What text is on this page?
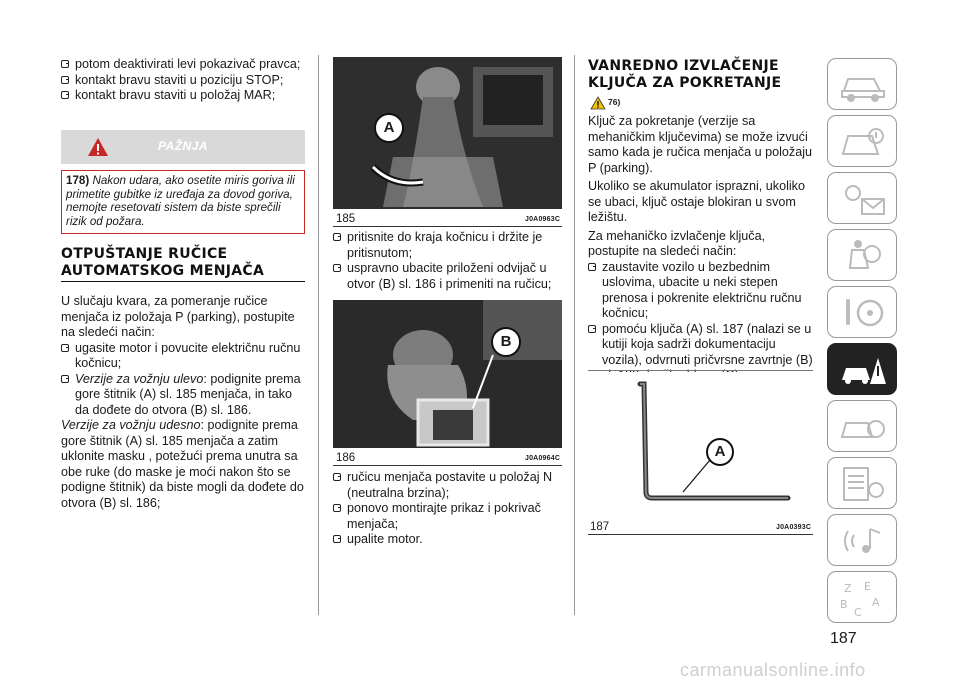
potom deaktivirati levi pokazivač pravca;

kontakt bravu staviti u poziciju STOP;

kontakt bravu staviti u položaj MAR;

PAŽNJA

178) Nakon udara, ako osetite miris goriva ili primetite gubitke iz uređaja za dovod goriva, nemojte resetovati sistem da biste sprečili rizik od požara.

OTPUŠTANJE RUČICE
AUTOMATSKOG MENJAČA

U slučaju kvara, za pomeranje ručice menjača iz položaja P (parking), postupite na sledeći način:

ugasite motor i povucite električnu ručnu kočnicu;

Verzije za vožnju ulevo: podignite prema gore štitnik (A) sl. 185 menjača, in tako da dođete do otvora (B) sl. 186.

Verzije za vožnju udesno: podignite prema gore štitnik (A) sl. 185 menjača a zatim uklonite masku , potežući prema unutra sa obe ruke (do maske je moći nakon što se podigne štitnik) da biste mogli da dođete do otvora (B) sl. 186;

A
185	J0A0963C

pritisnite do kraja kočnicu i držite je pritisnutom;

uspravno ubacite priloženi odvijač u otvor (B) sl. 186 i primeniti na ručicu;

B
186	J0A0964C

ručicu menjača postavite u položaj N (neutralna brzina);

ponovo montirajte prikaz i pokrivač menjača;

upalite motor.

VANREDNO IZVLAČENJE
KLJUČA ZA POKRETANJE
76)

Ključ za pokretanje (verzije sa mehaničkim ključevima) se može izvući samo kada je ručica menjača u položaju P (parking).

Ukoliko se akumulator isprazni, ukoliko se ubaci, ključ ostaje blokiran u svom ležištu.

Za mehaničko izvlačenje ključa, postupite na sledeći način:

zaustavite vozilo u bezbednim uslovima, ubacite u neki stepen prenosa i pokrenite električnu ručnu kočnicu;

pomoću ključa (A) sl. 187 (nalazi se u kutiji koja sadrži dokumentaciju vozila), odvrnuti pričvrsne zavrtnje (B)

A
187	J0A0393C
Z E
B A
C
187
carmanualsonline.info
